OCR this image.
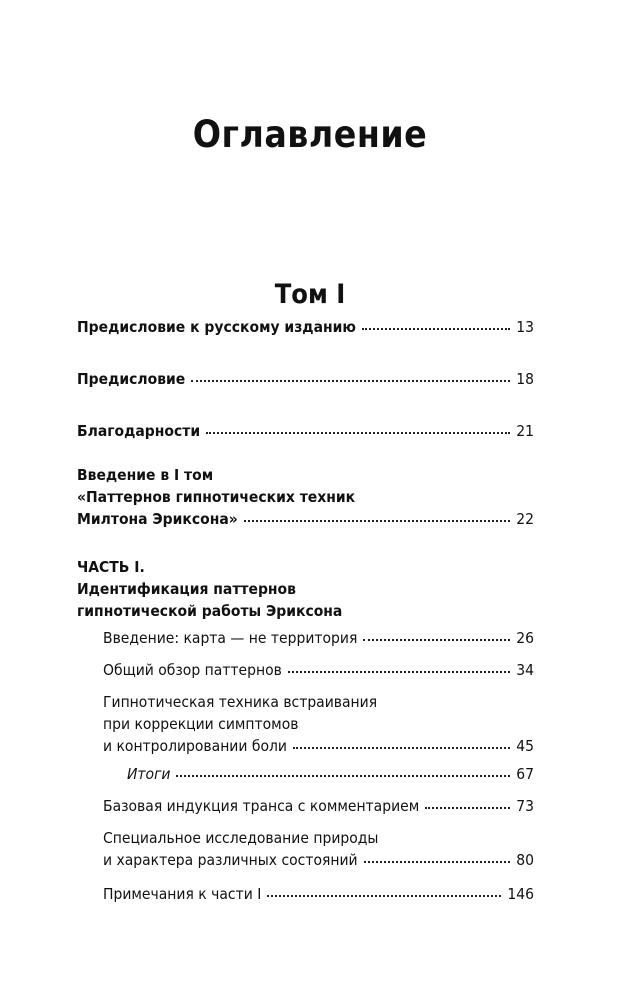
Оглавление
Том I
Предисловие к русскому изданию	13
Предисловие	18
Благодарности	21
Введение в I том
«Паттернов гипнотических техник
Милтона Эриксона»	22
ЧАСТЬ I.
Идентификация паттернов
гипнотической работы Эриксона
Введение: карта — не территория	26
Общий обзор паттернов	34
Гипнотическая техника встраивания
при коррекции симптомов
и контролировании боли	45
Итоги	67
Базовая индукция транса с комментарием	73
Специальное исследование природы
и характера различных состояний	80
Примечания к части I	146
